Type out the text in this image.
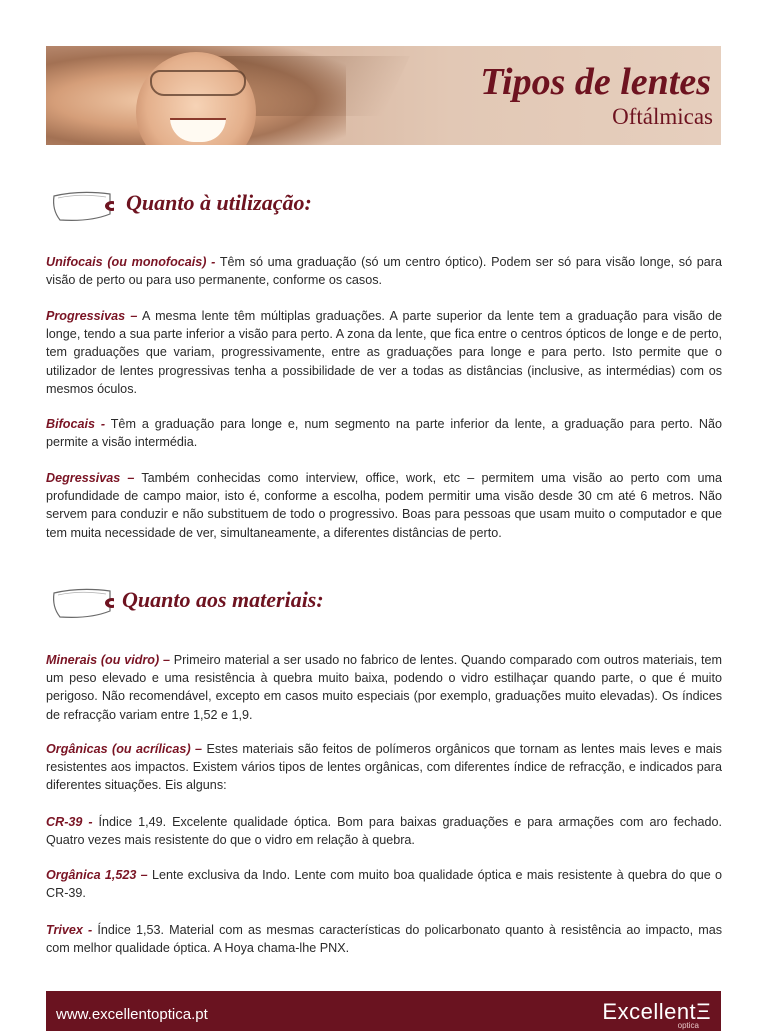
Tipos de lentes
Oftálmicas
Quanto à utilização:
Unifocais (ou monofocais) - Têm só uma graduação (só um centro óptico). Podem ser só para visão longe, só para visão de perto ou para uso permanente, conforme os casos.
Progressivas – A mesma lente têm múltiplas graduações. A parte superior da lente tem a graduação para visão de longe, tendo a sua parte inferior a visão para perto. A zona da lente, que fica entre o centros ópticos de longe e de perto, tem graduações que variam, progressivamente, entre as graduações para longe e para perto. Isto permite que o utilizador de lentes progressivas tenha a possibilidade de ver a todas as distâncias (inclusive, as intermédias) com os mesmos óculos.
Bifocais - Têm a graduação para longe e, num segmento na parte inferior da lente, a graduação para perto. Não permite a visão intermédia.
Degressivas – Também conhecidas como interview, office, work, etc – permitem uma visão ao perto com uma profundidade de campo maior, isto é, conforme a escolha, podem permitir uma visão desde 30 cm até 6 metros. Não servem para conduzir e não substituem de todo o progressivo. Boas para pessoas que usam muito o computador e que tem muita necessidade de ver, simultaneamente, a diferentes distâncias de perto.
Quanto aos materiais:
Minerais (ou vidro) – Primeiro material a ser usado no fabrico de lentes. Quando comparado com outros materiais, tem um peso elevado e uma resistência à quebra muito baixa, podendo o vidro estilhaçar quando parte, o que é muito perigoso. Não recomendável, excepto em casos muito especiais (por exemplo, graduações muito elevadas). Os índices de refracção variam entre 1,52 e 1,9.
Orgânicas (ou acrílicas) – Estes materiais são feitos de polímeros orgânicos que tornam as lentes mais leves e mais resistentes aos impactos. Existem vários tipos de lentes orgânicas, com diferentes índice de refracção, e indicados para diferentes situações. Eis alguns:
CR-39 - Índice 1,49. Excelente qualidade óptica. Bom para baixas graduações e para armações com aro fechado. Quatro vezes mais resistente do que o vidro em relação à quebra.
Orgânica 1,523 – Lente exclusiva da Indo. Lente com muito boa qualidade óptica e mais resistente à quebra do que o CR-39.
Trivex - Índice 1,53. Material com as mesmas características do policarbonato quanto à resistência ao impacto, mas com melhor qualidade óptica. A Hoya chama-lhe PNX.
www.excellentoptica.pt	ExcellentΞ
optica
